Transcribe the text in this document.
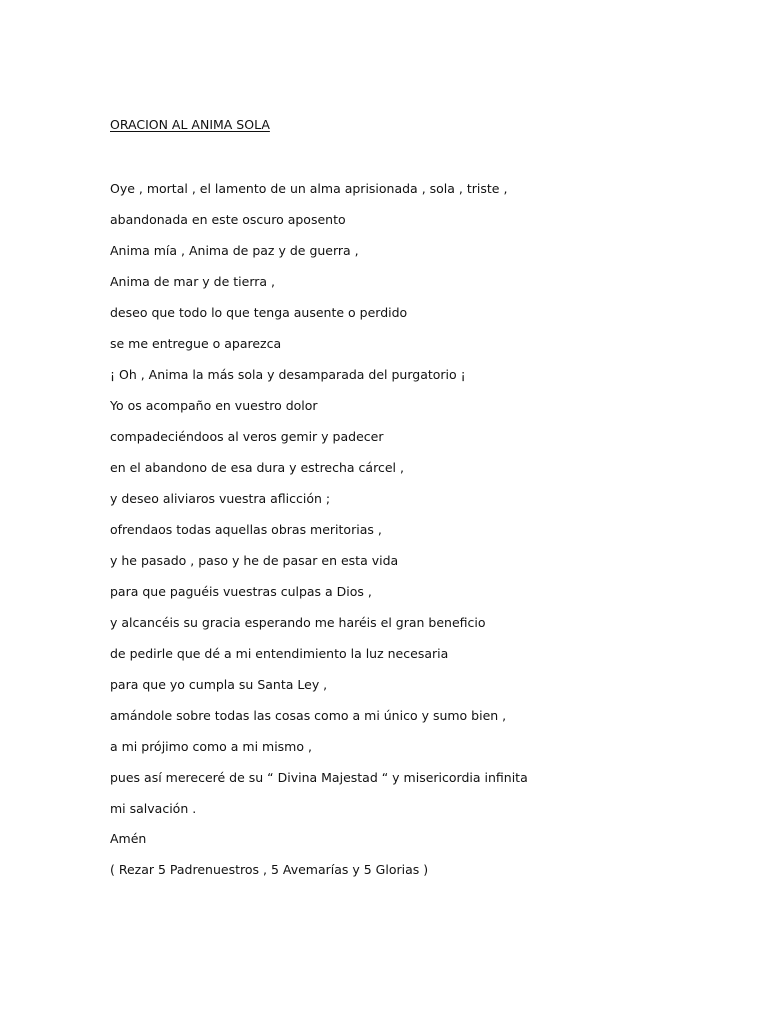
ORACION AL ANIMA SOLA
Oye , mortal , el lamento de un alma aprisionada , sola , triste ,
abandonada en este oscuro aposento
Anima mía , Anima de paz y de guerra ,
Anima de mar y de tierra ,
deseo que todo lo que tenga ausente o perdido
se me entregue o aparezca
¡ Oh , Anima la más sola y desamparada del purgatorio ¡
Yo os acompaño en vuestro dolor
compadeciéndoos al veros gemir y padecer
en el abandono de esa dura y estrecha cárcel ,
y deseo aliviaros vuestra aflicción ;
ofrendaos todas aquellas obras meritorias ,
y he pasado , paso y he de pasar en esta vida
para que paguéis vuestras culpas a Dios ,
y alcancéis su gracia esperando me haréis el gran beneficio
de pedirle que dé a mi entendimiento la luz necesaria
para que yo cumpla su Santa Ley ,
amándole sobre todas las cosas como a mi único y sumo bien ,
a mi prójimo como a mi mismo ,
pues así mereceré de su “ Divina Majestad “ y misericordia infinita
mi salvación .
Amén
( Rezar 5 Padrenuestros , 5 Avemarías y 5 Glorias )
